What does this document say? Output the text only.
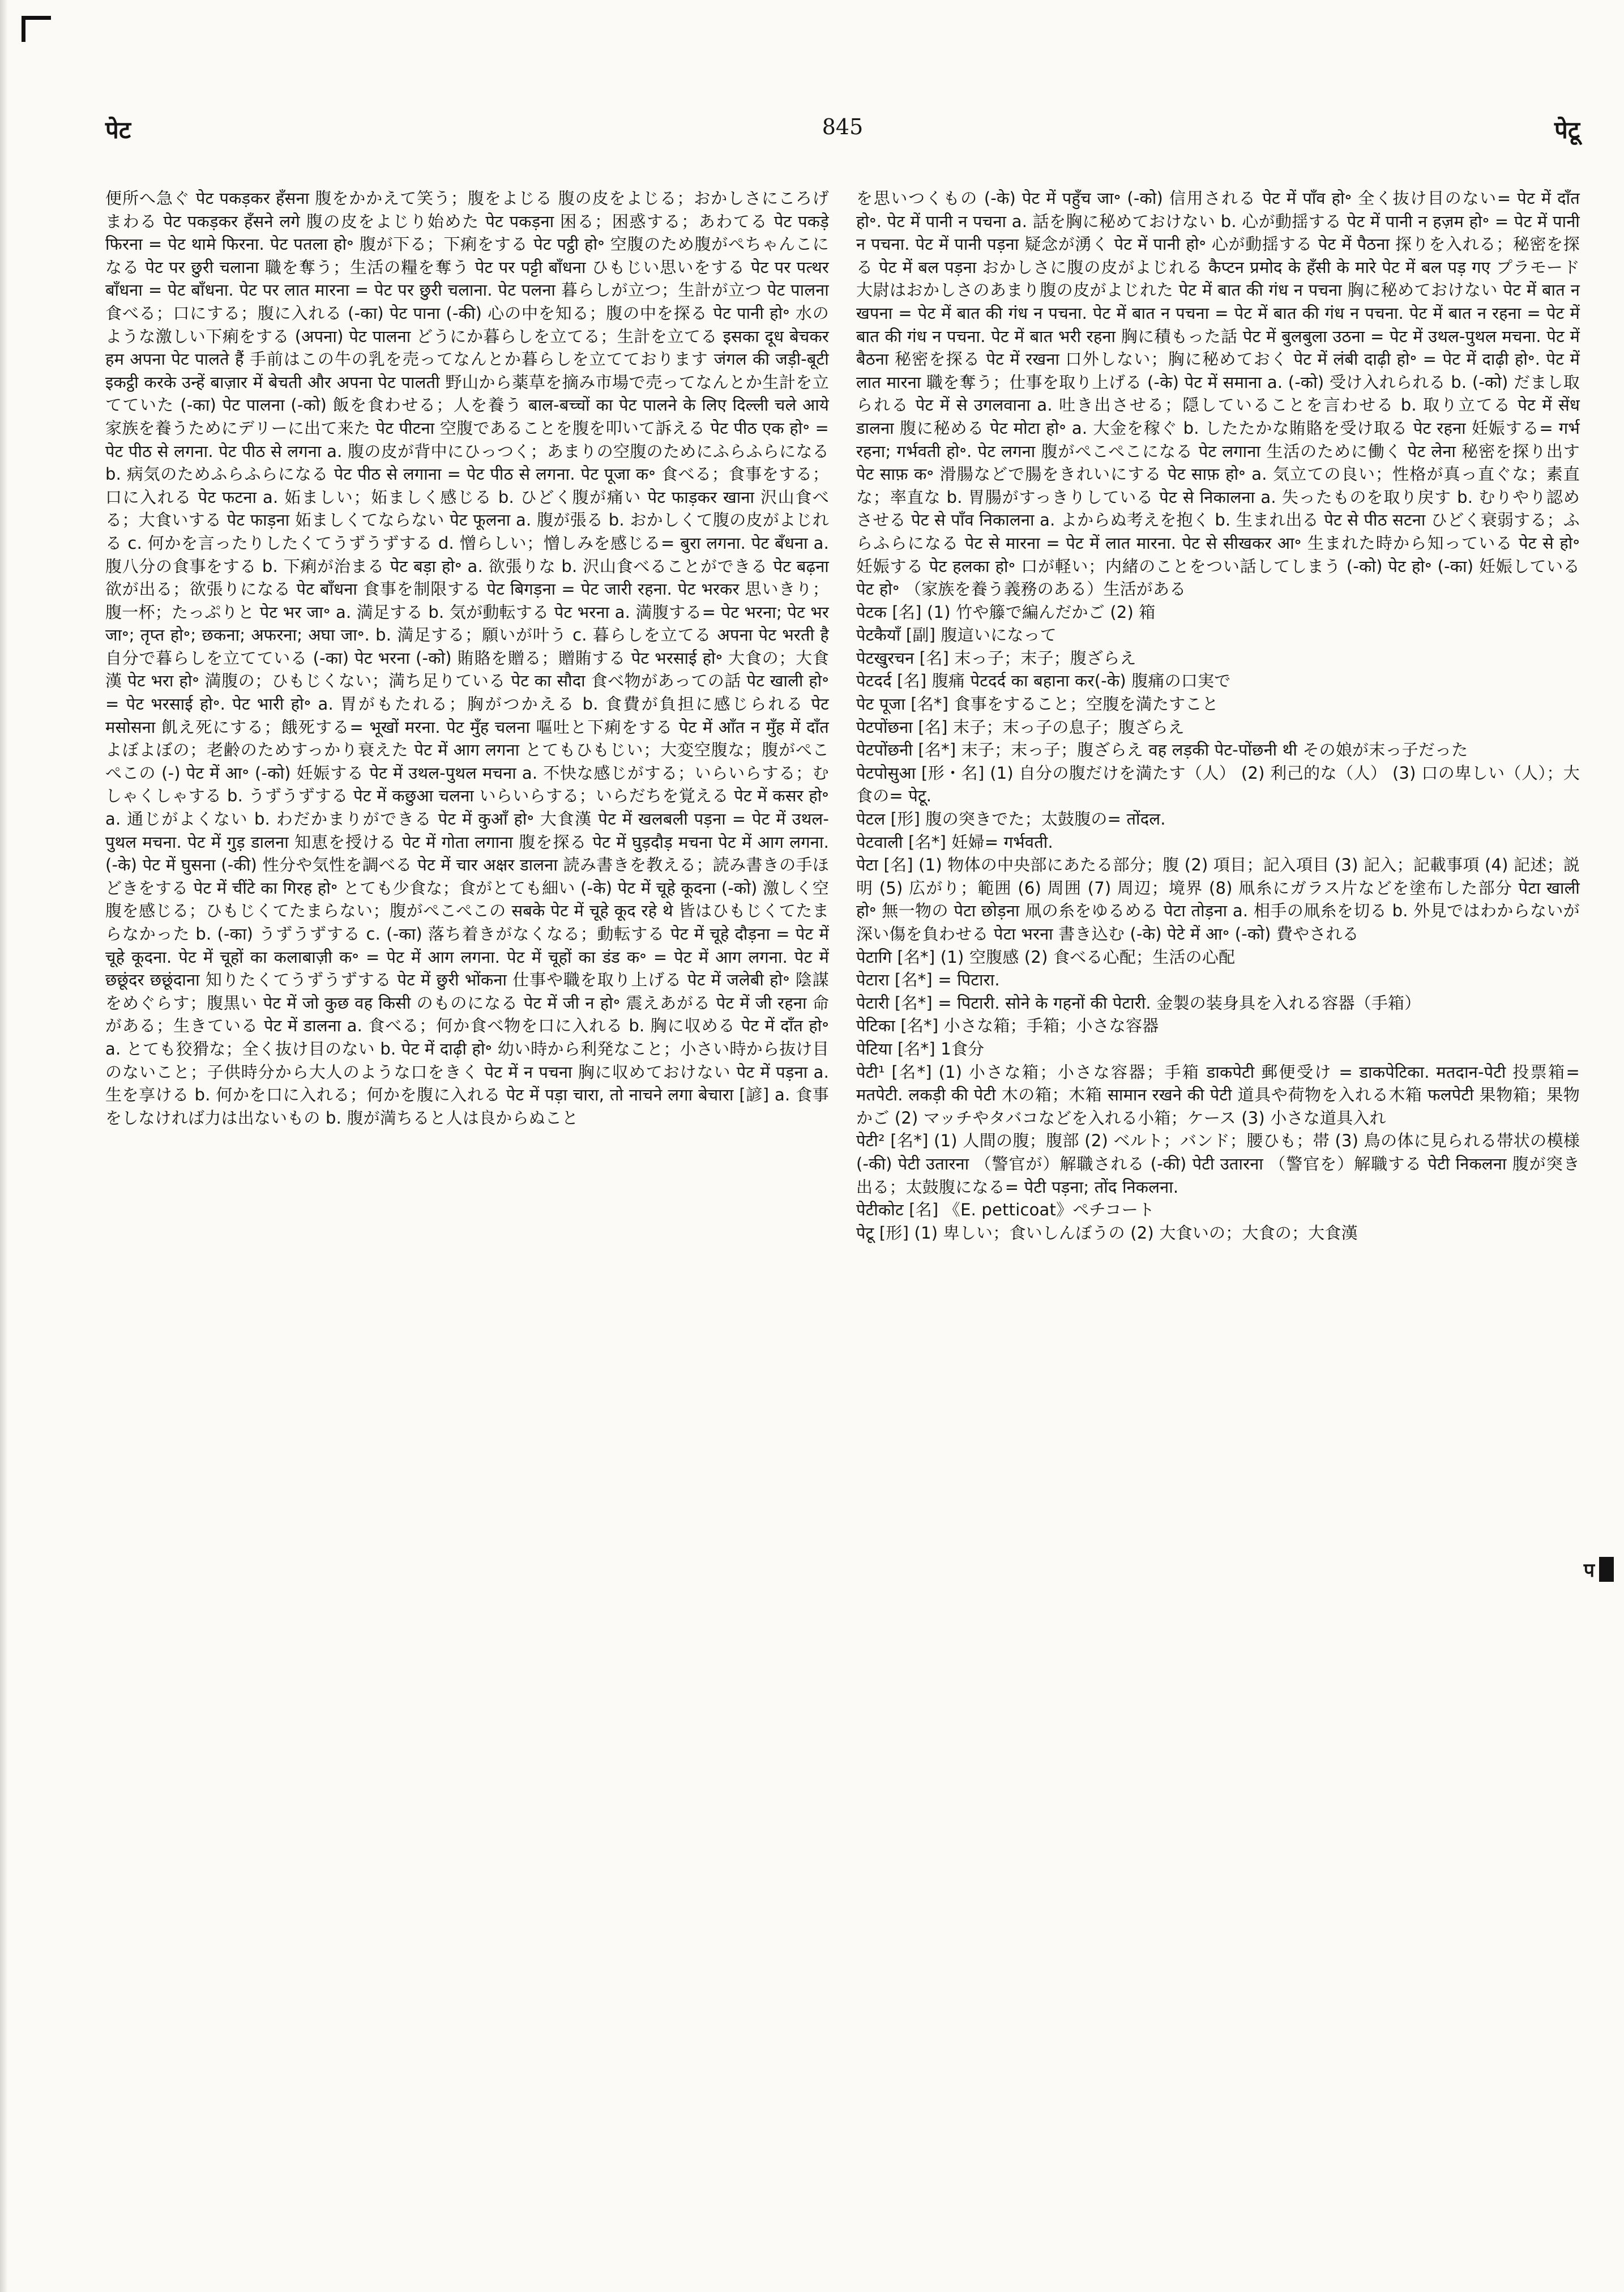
पेट	845	पेटू
便所へ急ぐ पेट पकड़कर हँसना 腹をかかえて笑う；腹をよじる 腹の皮をよじる；おかしさにころげまわる पेट पकड़कर हँसने लगे 腹の皮をよじり始めた पेट पकड़ना 困る；困惑する；あわてる पेट पकड़े फिरना = पेट थामे फिरना. पेट पतला हो॰ 腹が下る；下痢をする पेट पट्ठी हो॰ 空腹のため腹がぺちゃんこになる पेट पर छुरी चलाना 職を奪う；生活の糧を奪う पेट पर पट्टी बाँधना ひもじい思いをする पेट पर पत्थर बाँधना = पेट बाँधना. पेट पर लात मारना = पेट पर छुरी चलाना. पेट पलना 暮らしが立つ；生計が立つ पेट पालना 食べる；口にする；腹に入れる (-का) पेट पाना (-की) 心の中を知る；腹の中を探る पेट पानी हो॰ 水のような激しい下痢をする (अपना) पेट पालना どうにか暮らしを立てる；生計を立てる इसका दूध बेचकर हम अपना पेट पालते हैं 手前はこの牛の乳を売ってなんとか暮らしを立てております जंगल की जड़ी-बूटी इकट्ठी करके उन्हें बाज़ार में बेचती और अपना पेट पालती 野山から薬草を摘み市場で売ってなんとか生計を立てていた (-का) पेट पालना (-को) 飯を食わせる；人を養う बाल-बच्चों का पेट पालने के लिए दिल्ली चले आये 家族を養うためにデリーに出て来た पेट पीटना 空腹であることを腹を叩いて訴える पेट पीठ एक हो॰ = पेट पीठ से लगना. पेट पीठ से लगना a. 腹の皮が背中にひっつく；あまりの空腹のためにふらふらになる b. 病気のためふらふらになる पेट पीठ से लगाना = पेट पीठ से लगना. पेट पूजा क॰ 食べる；食事をする；口に入れる पेट फटना a. 妬ましい；妬ましく感じる b. ひどく腹が痛い पेट फाड़कर खाना 沢山食べる；大食いする पेट फाड़ना 妬ましくてならない पेट फूलना a. 腹が張る b. おかしくて腹の皮がよじれる c. 何かを言ったりしたくてうずうずする d. 憎らしい；憎しみを感じる= बुरा लगना. पेट बँधना a. 腹八分の食事をする b. 下痢が治まる पेट बड़ा हो॰ a. 欲張りな b. 沢山食べることができる पेट बढ़ना 欲が出る；欲張りになる पेट बाँधना 食事を制限する पेट बिगड़ना = पेट जारी रहना. पेट भरकर 思いきり；腹一杯；たっぷりと पेट भर जा॰ a. 満足する b. 気が動転する पेट भरना a. 満腹する= पेट भरना; पेट भर जा॰; तृप्त हो॰; छकना; अफरना; अघा जा॰. b. 満足する；願いが叶う c. 暮らしを立てる अपना पेट भरती है 自分で暮らしを立てている (-का) पेट भरना (-को) 賄賂を贈る；贈賄する पेट भरसाई हो॰ 大食の；大食漢 पेट भरा हो॰ 満腹の；ひもじくない；満ち足りている पेट का सौदा 食べ物があっての話 पेट खाली हो॰ = पेट भरसाई हो॰. पेट भारी हो॰ a. 胃がもたれる；胸がつかえる b. 食費が負担に感じられる पेट मसोसना 飢え死にする；餓死する= भूखों मरना. पेट मुँह चलना 嘔吐と下痢をする पेट में आँत न मुँह में दाँत よぼよぼの；老齢のためすっかり衰えた पेट में आग लगना とてもひもじい；大変空腹な；腹がぺこぺこの (-) पेट में आ॰ (-को) 妊娠する पेट में उथल-पुथल मचना a. 不快な感じがする；いらいらする；むしゃくしゃする b. うずうずする पेट में कछुआ चलना いらいらする；いらだちを覚える पेट में कसर हो॰ a. 通じがよくない b. わだかまりができる पेट में कुआँ हो॰ 大食漢 पेट में खलबली पड़ना = पेट में उथल-पुथल मचना. पेट में गुड़ डालना 知恵を授ける पेट में गोता लगाना 腹を探る पेट में घुड़दौड़ मचना पेट में आग लगना. (-के) पेट में घुसना (-की) 性分や気性を調べる पेट में चार अक्षर डालना 読み書きを教える；読み書きの手ほどきをする पेट में चींटे का गिरह हो॰ とても少食な；食がとても細い (-के) पेट में चूहे कूदना (-को) 激しく空腹を感じる；ひもじくてたまらない；腹がぺこぺこの सबके पेट में चूहे कूद रहे थे 皆はひもじくてたまらなかった b. (-का) うずうずする c. (-का) 落ち着きがなくなる；動転する पेट में चूहे दौड़ना = पेट में चूहे कूदना. पेट में चूहों का कलाबाज़ी क॰ = पेट में आग लगना. पेट में चूहों का डंड क॰ = पेट में आग लगना. पेट में छछूंदर छछूंदाना 知りたくてうずうずする पेट में छुरी भोंकना 仕事や職を取り上げる पेट में जलेबी हो॰ 陰謀をめぐらす；腹黒い पेट में जो कुछ वह किसी のものになる पेट में जी न हो॰ 震えあがる पेट में जी रहना 命がある；生きている पेट में डालना a. 食べる；何か食べ物を口に入れる b. 胸に収める पेट में दाँत हो॰ a. とても狡猾な；全く抜け目のない b. पेट में दाढ़ी हो॰ 幼い時から利発なこと；小さい時から抜け目のないこと；子供時分から大人のような口をきく पेट में न पचना 胸に収めておけない पेट में पड़ना a. 生を享ける b. 何かを口に入れる；何かを腹に入れる पेट में पड़ा चारा, तो नाचने लगा बेचारा [諺] a. 食事をしなければ力は出ないもの b. 腹が満ちると人は良からぬこと
を思いつくもの (-के) पेट में पहुँच जा॰ (-को) 信用される पेट में पाँव हो॰ 全く抜け目のない= पेट में दाँत हो॰. पेट में पानी न पचना a. 話を胸に秘めておけない b. 心が動揺する पेट में पानी न हज़म हो॰ = पेट में पानी न पचना. पेट में पानी पड़ना 疑念が湧く पेट में पानी हो॰ 心が動揺する पेट में पैठना 探りを入れる；秘密を探る पेट में बल पड़ना おかしさに腹の皮がよじれる कैप्टन प्रमोद के हँसी के मारे पेट में बल पड़ गए プラモード大尉はおかしさのあまり腹の皮がよじれた पेट में बात की गंध न पचना 胸に秘めておけない पेट में बात न खपना = पेट में बात की गंध न पचना. पेट में बात न पचना = पेट में बात की गंध न पचना. पेट में बात न रहना = पेट में बात की गंध न पचना. पेट में बात भरी रहना 胸に積もった話 पेट में बुलबुला उठना = पेट में उथल-पुथल मचना. पेट में बैठना 秘密を探る पेट में रखना 口外しない；胸に秘めておく पेट में लंबी दाढ़ी हो॰ = पेट में दाढ़ी हो॰. पेट में लात मारना 職を奪う；仕事を取り上げる (-के) पेट में समाना a. (-को) 受け入れられる b. (-को) だまし取られる पेट में से उगलवाना a. 吐き出させる；隠していることを言わせる b. 取り立てる पेट में सेंध डालना 腹に秘める पेट मोटा हो॰ a. 大金を稼ぐ b. したたかな賄賂を受け取る पेट रहना 妊娠する= गर्भ रहना; गर्भवती हो॰. पेट लगना 腹がぺこぺこになる पेट लगाना 生活のために働く पेट लेना 秘密を探り出す पेट साफ़ क॰ 滑腸などで腸をきれいにする पेट साफ़ हो॰ a. 気立ての良い；性格が真っ直ぐな；素直な；率直な b. 胃腸がすっきりしている पेट से निकालना a. 失ったものを取り戻す b. むりやり認めさせる पेट से पाँव निकालना a. よからぬ考えを抱く b. 生まれ出る पेट से पीठ सटना ひどく衰弱する；ふらふらになる पेट से मारना = पेट में लात मारना. पेट से सीखकर आ॰ 生まれた時から知っている पेट से हो॰ 妊娠する पेट हलका हो॰ 口が軽い；内緒のことをつい話してしまう (-को) पेट हो॰ (-का) 妊娠している पेट हो॰ （家族を養う義務のある）生活がある
पेटक [名] (1) 竹や籐で編んだかご (2) 箱
पेटकैयाँ [副] 腹這いになって
पेटखुरचन [名] 末っ子；末子；腹ざらえ
पेटदर्द [名] 腹痛 पेटदर्द का बहाना कर(-के) 腹痛の口実で
पेट पूजा [名*] 食事をすること；空腹を満たすこと
पेटपोंछना [名] 末子；末っ子の息子；腹ざらえ
पेटपोंछनी [名*] 末子；末っ子；腹ざらえ वह लड़की पेट-पोंछनी थी その娘が末っ子だった
पेटपोसुआ [形・名] (1) 自分の腹だけを満たす（人） (2) 利己的な（人） (3) 口の卑しい（人）；大食の= पेटू.
पेटल [形] 腹の突きでた；太鼓腹の= तोंदल.
पेटवाली [名*] 妊婦= गर्भवती.
पेटा [名] (1) 物体の中央部にあたる部分；腹 (2) 項目；記入項目 (3) 記入；記載事項 (4) 記述；説明 (5) 広がり；範囲 (6) 周囲 (7) 周辺；境界 (8) 凧糸にガラス片などを塗布した部分 पेटा खाली हो॰ 無一物の पेटा छोड़ना 凧の糸をゆるめる पेटा तोड़ना a. 相手の凧糸を切る b. 外見ではわからないが深い傷を負わせる पेटा भरना 書き込む (-के) पेटे में आ॰ (-को) 費やされる
पेटागि [名*] (1) 空腹感 (2) 食べる心配；生活の心配
पेटारा [名*] = पिटारा.
पेटारी [名*] = पिटारी. सोने के गहनों की पेटारी. 金製の装身具を入れる容器（手箱）
पेटिका [名*] 小さな箱；手箱；小さな容器
पेटिया [名*] 1食分
पेटी¹ [名*] (1) 小さな箱；小さな容器；手箱 डाकपेटी 郵便受け = डाकपेटिका. मतदान-पेटी 投票箱= मतपेटी. लकड़ी की पेटी 木の箱；木箱 सामान रखने की पेटी 道具や荷物を入れる木箱 फलपेटी 果物箱；果物かご (2) マッチやタバコなどを入れる小箱；ケース (3) 小さな道具入れ
पेटी² [名*] (1) 人間の腹；腹部 (2) ベルト；バンド；腰ひも；帯 (3) 鳥の体に見られる帯状の模様 (-की) पेटी उतारना （警官が）解職される (-की) पेटी उतारना （警官を）解職する पेटी निकलना 腹が突き出る；太鼓腹になる= पेटी पड़ना; तोंद निकलना.
पेटीकोट [名] 《E. petticoat》ペチコート
पेटू [形] (1) 卑しい；食いしんぼうの (2) 大食いの；大食の；大食漢
प
